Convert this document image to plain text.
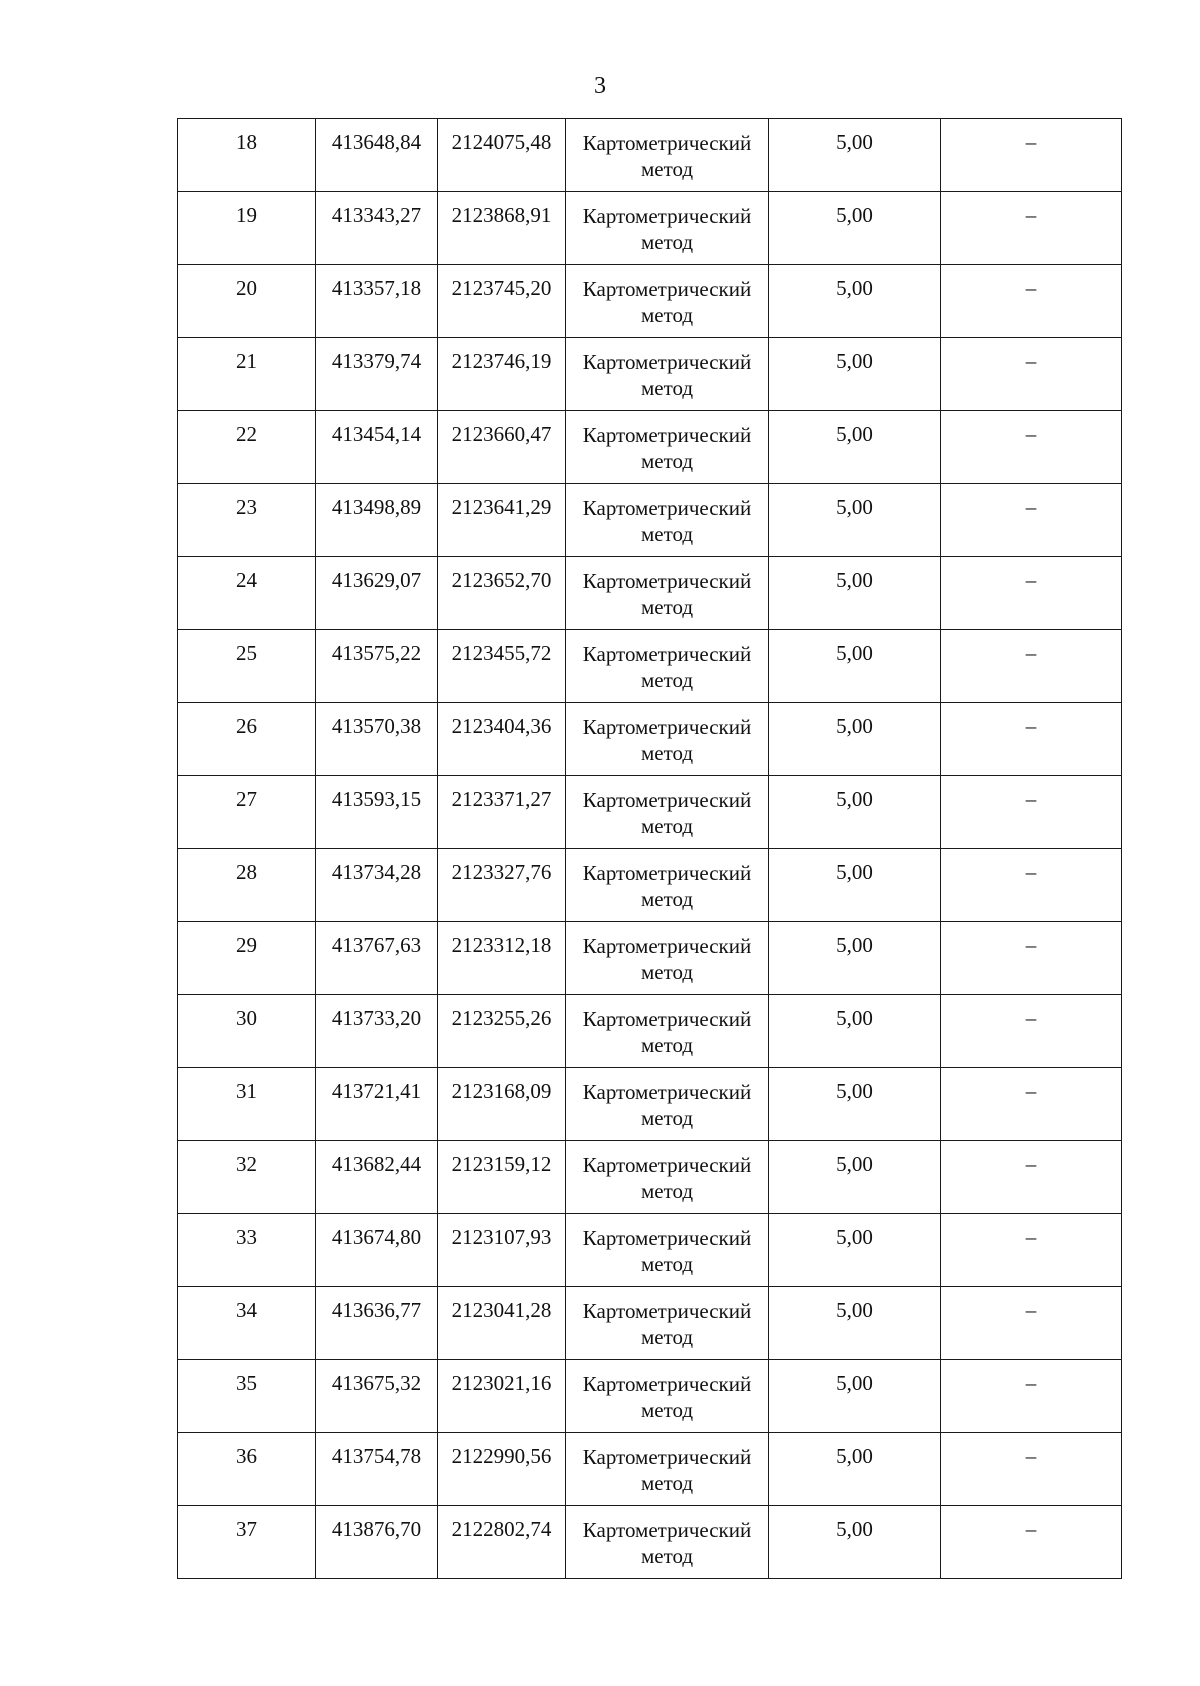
3
18	413648,84	2124075,48	Картометрический метод	5,00	–
19	413343,27	2123868,91	Картометрический метод	5,00	–
20	413357,18	2123745,20	Картометрический метод	5,00	–
21	413379,74	2123746,19	Картометрический метод	5,00	–
22	413454,14	2123660,47	Картометрический метод	5,00	–
23	413498,89	2123641,29	Картометрический метод	5,00	–
24	413629,07	2123652,70	Картометрический метод	5,00	–
25	413575,22	2123455,72	Картометрический метод	5,00	–
26	413570,38	2123404,36	Картометрический метод	5,00	–
27	413593,15	2123371,27	Картометрический метод	5,00	–
28	413734,28	2123327,76	Картометрический метод	5,00	–
29	413767,63	2123312,18	Картометрический метод	5,00	–
30	413733,20	2123255,26	Картометрический метод	5,00	–
31	413721,41	2123168,09	Картометрический метод	5,00	–
32	413682,44	2123159,12	Картометрический метод	5,00	–
33	413674,80	2123107,93	Картометрический метод	5,00	–
34	413636,77	2123041,28	Картометрический метод	5,00	–
35	413675,32	2123021,16	Картометрический метод	5,00	–
36	413754,78	2122990,56	Картометрический метод	5,00	–
37	413876,70	2122802,74	Картометрический метод	5,00	–
